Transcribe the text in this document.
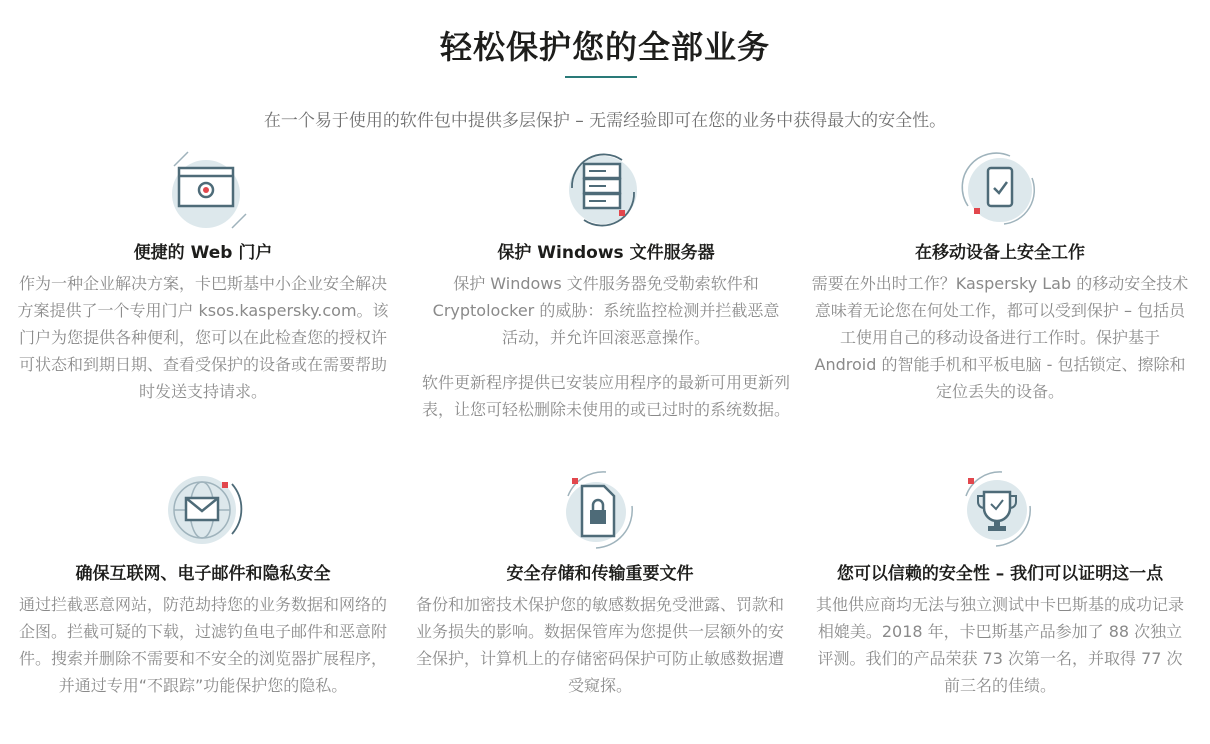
轻松保护您的全部业务
在一个易于使用的软件包中提供多层保护 – 无需经验即可在您的业务中获得最大的安全性。
便捷的 Web 门户
作为一种企业解决方案，卡巴斯基中小企业安全解决方案提供了一个专用门户 ksos.kaspersky.com。该门户为您提供各种便利，您可以在此检查您的授权许可状态和到期日期、查看受保护的设备或在需要帮助时发送支持请求。
保护 Windows 文件服务器
保护 Windows 文件服务器免受勒索软件和 Cryptolocker 的威胁：系统监控检测并拦截恶意活动，并允许回滚恶意操作。
软件更新程序提供已安装应用程序的最新可用更新列表，让您可轻松删除未使用的或已过时的系统数据。
在移动设备上安全工作
需要在外出时工作？Kaspersky Lab 的移动安全技术意味着无论您在何处工作，都可以受到保护 – 包括员工使用自己的移动设备进行工作时。保护基于 Android 的智能手机和平板电脑 - 包括锁定、擦除和定位丢失的设备。
确保互联网、电子邮件和隐私安全
通过拦截恶意网站，防范劫持您的业务数据和网络的企图。拦截可疑的下载，过滤钓鱼电子邮件和恶意附件。搜索并删除不需要和不安全的浏览器扩展程序，并通过专用“不跟踪”功能保护您的隐私。
安全存储和传输重要文件
备份和加密技术保护您的敏感数据免受泄露、罚款和业务损失的影响。数据保管库为您提供一层额外的安全保护，计算机上的存储密码保护可防止敏感数据遭受窥探。
您可以信赖的安全性 – 我们可以证明这一点
其他供应商均无法与独立测试中卡巴斯基的成功记录相媲美。2018 年，卡巴斯基产品参加了 88 次独立评测。我们的产品荣获 73 次第一名，并取得 77 次前三名的佳绩。
